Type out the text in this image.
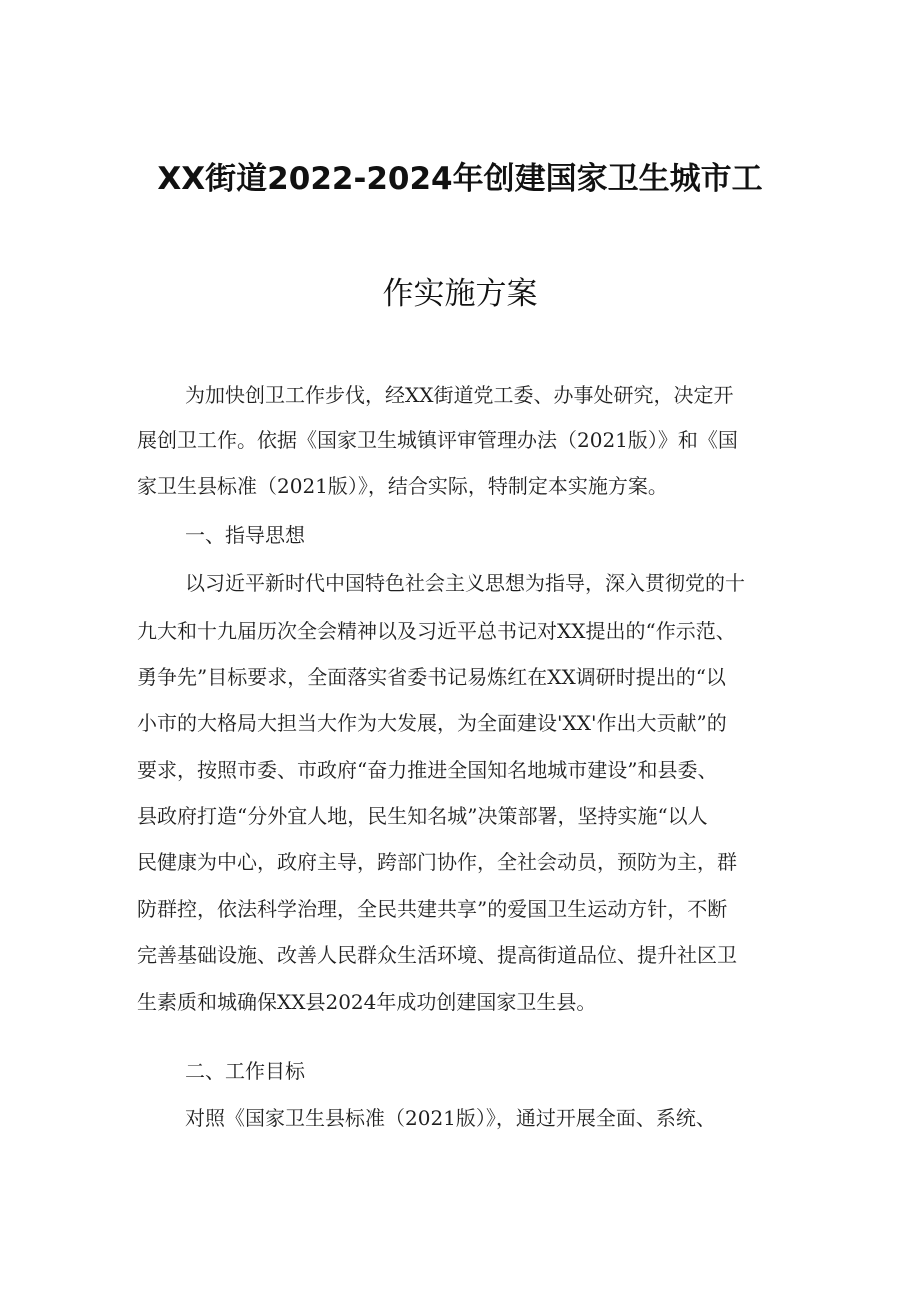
XX街道2022-2024年创建国家卫生城市工
作实施方案
为加快创卫工作步伐，经XX街道党工委、办事处研究，决定开
展创卫工作。依据《国家卫生城镇评审管理办法（2021版）》和《国
家卫生县标准（2021版）》，结合实际，特制定本实施方案。
一、指导思想
以习近平新时代中国特色社会主义思想为指导，深入贯彻党的十
九大和十九届历次全会精神以及习近平总书记对XX提出的“作示范、
勇争先”目标要求，全面落实省委书记易炼红在XX调研时提出的“以
小市的大格局大担当大作为大发展，为全面建设'XX'作出大贡献”的
要求，按照市委、市政府“奋力推进全国知名地城市建设”和县委、
县政府打造“分外宜人地，民生知名城”决策部署，坚持实施“以人
民健康为中心，政府主导，跨部门协作，全社会动员，预防为主，群
防群控，依法科学治理，全民共建共享”的爱国卫生运动方针，不断
完善基础设施、改善人民群众生活环境、提高街道品位、提升社区卫
生素质和城确保XX县2024年成功创建国家卫生县。
二、工作目标
对照《国家卫生县标准（2021版）》，通过开展全面、系统、
